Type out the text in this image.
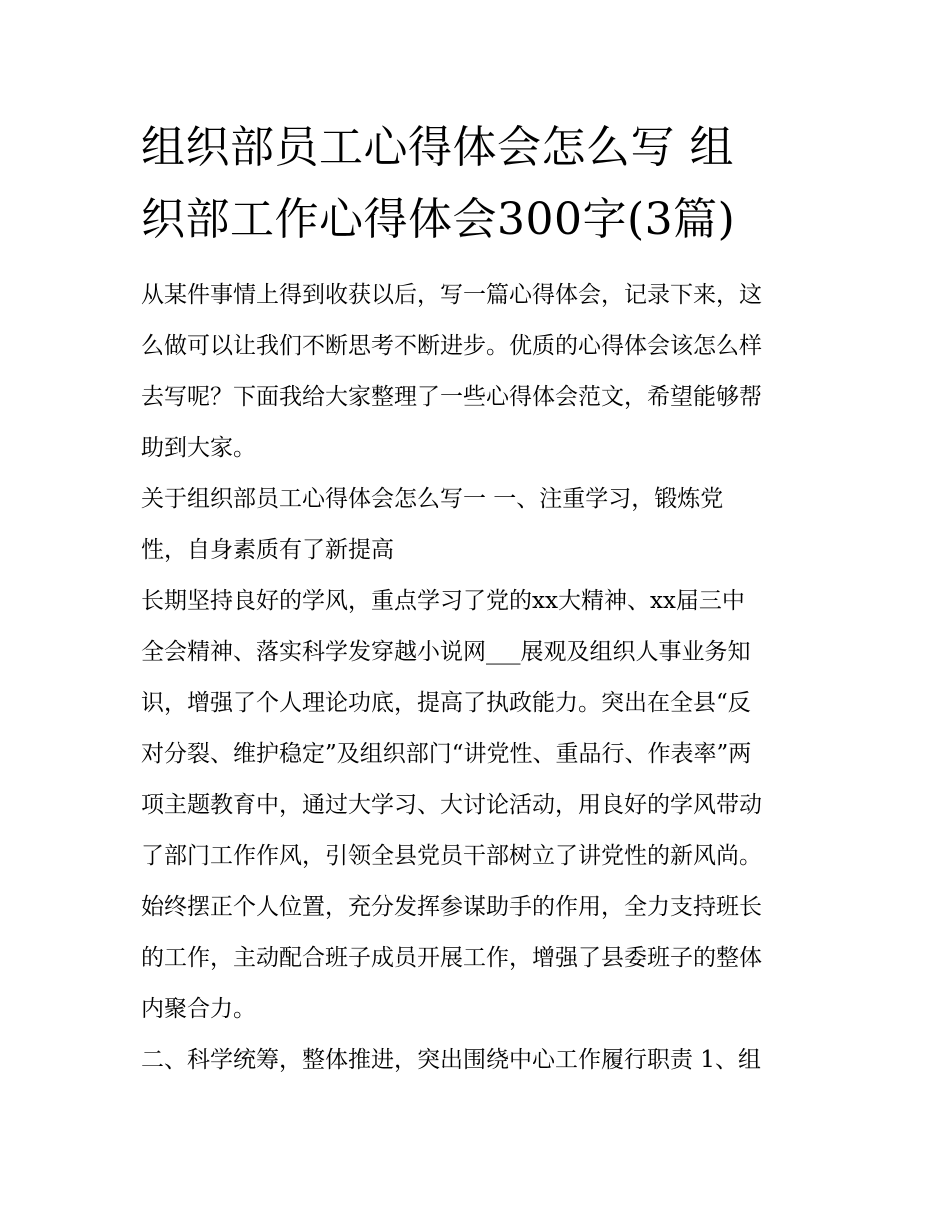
组织部员工心得体会怎么写 组
织部工作心得体会300字(3篇)

从某件事情上得到收获以后，写一篇心得体会，记录下来，这
么做可以让我们不断思考不断进步。优质的心得体会该怎么样
去写呢？下面我给大家整理了一些心得体会范文，希望能够帮
助到大家。

关于组织部员工心得体会怎么写一 一、注重学习，锻炼党
性，自身素质有了新提高

长期坚持良好的学风，重点学习了党的xx大精神、xx届三中
全会精神、落实科学发穿越小说网___展观及组织人事业务知
识，增强了个人理论功底，提高了执政能力。突出在全县“反
对分裂、维护稳定”及组织部门“讲党性、重品行、作表率”两
项主题教育中，通过大学习、大讨论活动，用良好的学风带动
了部门工作作风，引领全县党员干部树立了讲党性的新风尚。
始终摆正个人位置，充分发挥参谋助手的作用，全力支持班长
的工作，主动配合班子成员开展工作，增强了县委班子的整体
内聚合力。

二、科学统筹，整体推进，突出围绕中心工作履行职责 1、组
